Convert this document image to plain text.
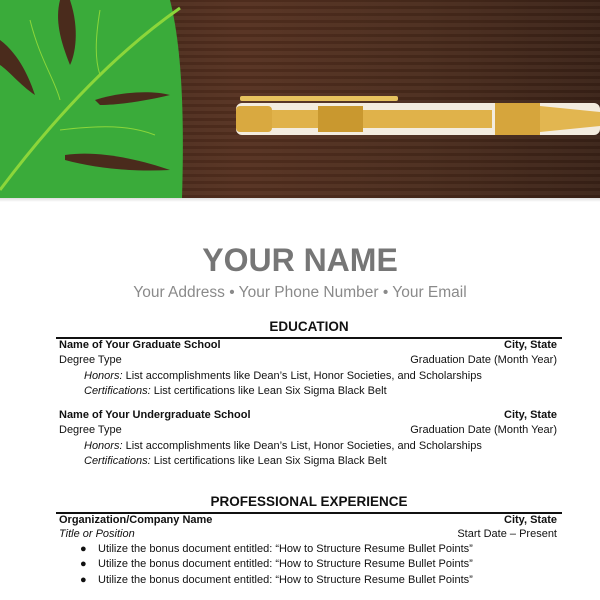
YOUR NAME
Your Address • Your Phone Number • Your Email
EDUCATION
Name of Your Graduate School	City, State
Degree Type	Graduation Date (Month Year)
Honors: List accomplishments like Dean’s List, Honor Societies, and Scholarships
Certifications: List certifications like Lean Six Sigma Black Belt
Name of Your Undergraduate School	City, State
Degree Type	Graduation Date (Month Year)
Honors: List accomplishments like Dean’s List, Honor Societies, and Scholarships
Certifications: List certifications like Lean Six Sigma Black Belt
PROFESSIONAL EXPERIENCE
Organization/Company Name	City, State
Title or Position	Start Date – Present
●	Utilize the bonus document entitled: “How to Structure Resume Bullet Points”
●	Utilize the bonus document entitled: “How to Structure Resume Bullet Points”
●	Utilize the bonus document entitled: “How to Structure Resume Bullet Points”
